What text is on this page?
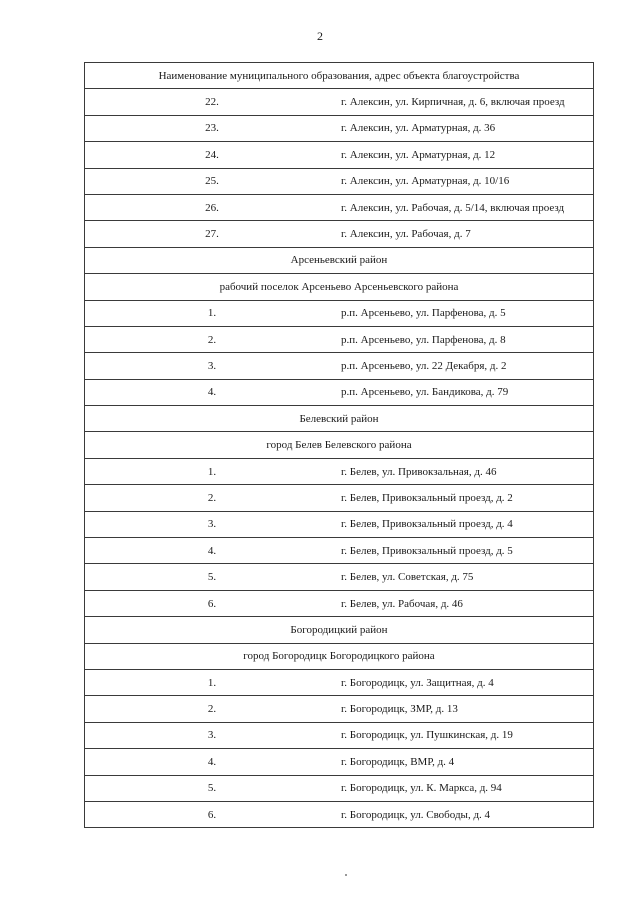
2
Наименование муниципального образования, адрес объекта благоустройства	
22.	г. Алексин, ул. Кирпичная, д. 6, включая проезд
23.	г. Алексин, ул. Арматурная, д. 36
24.	г. Алексин, ул. Арматурная, д. 12
25.	г. Алексин, ул. Арматурная, д. 10/16
26.	г. Алексин, ул. Рабочая, д. 5/14, включая проезд
27.	г. Алексин, ул. Рабочая, д. 7
Арсеньевский район	
рабочий поселок Арсеньево Арсеньевского района	
1.	р.п. Арсеньево, ул. Парфенова, д. 5
2.	р.п. Арсеньево, ул. Парфенова, д. 8
3.	р.п. Арсеньево, ул. 22 Декабря, д. 2
4.	р.п. Арсеньево, ул. Бандикова, д. 79
Белевский район	
город Белев Белевского района	
1.	г. Белев, ул. Привокзальная, д. 46
2.	г. Белев, Привокзальный проезд, д. 2
3.	г. Белев, Привокзальный проезд, д. 4
4.	г. Белев, Привокзальный проезд, д. 5
5.	г. Белев, ул. Советская, д. 75
6.	г. Белев, ул. Рабочая, д. 46
Богородицкий район	
город Богородицк Богородицкого района	
1.	г. Богородицк, ул. Защитная, д. 4
2.	г. Богородицк, ЗМР, д. 13
3.	г. Богородицк, ул. Пушкинская, д. 19
4.	г. Богородицк, ВМР, д. 4
5.	г. Богородицк, ул. К. Маркса, д. 94
6.	г. Богородицк, ул. Свободы, д. 4
